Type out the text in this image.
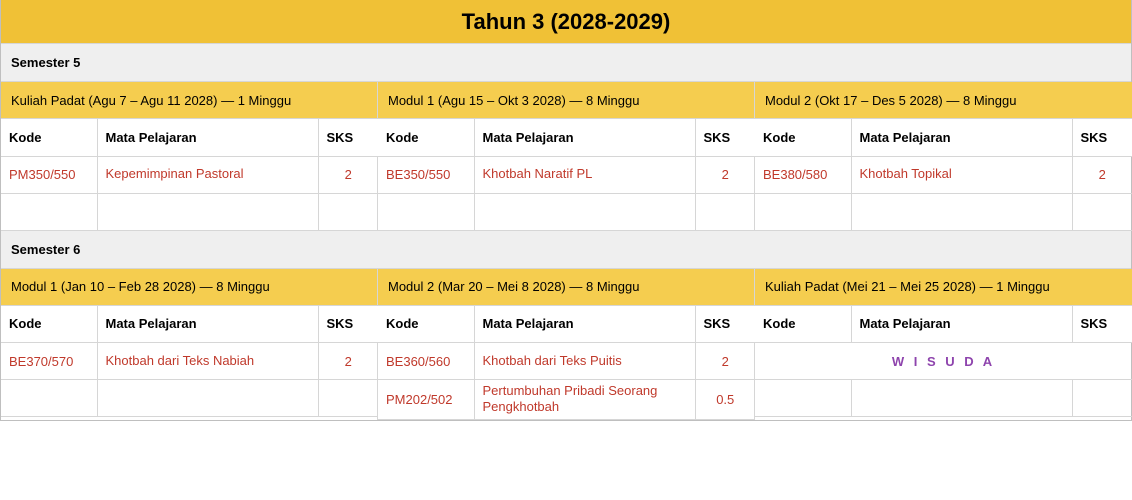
Tahun 3 (2028-2029)
Semester 5
Kuliah Padat (Agu 7 – Agu 11 2028) — 1 Minggu
Kode	Mata Pelajaran	SKS
PM350/550	Kepemimpinan Pastoral	2

Modul 1 (Agu 15 – Okt 3 2028) — 8 Minggu
Kode	Mata Pelajaran	SKS
BE350/550	Khotbah Naratif PL	2

Modul 2 (Okt 17 – Des 5 2028) — 8 Minggu
Kode	Mata Pelajaran	SKS
BE380/580	Khotbah Topikal	2

Semester 6
Modul 1 (Jan 10 – Feb 28 2028) — 8 Minggu
Kode	Mata Pelajaran	SKS
BE370/570	Khotbah dari Teks Nabiah	2

Modul 2 (Mar 20 – Mei 8 2028) — 8 Minggu
Kode	Mata Pelajaran	SKS
BE360/560	Khotbah dari Teks Puitis	2
PM202/502	Pertumbuhan Pribadi Seorang Pengkhotbah	0.5
Kuliah Padat (Mei 21 – Mei 25 2028) — 1 Minggu
Kode	Mata Pelajaran	SKS
W I S U D A		
